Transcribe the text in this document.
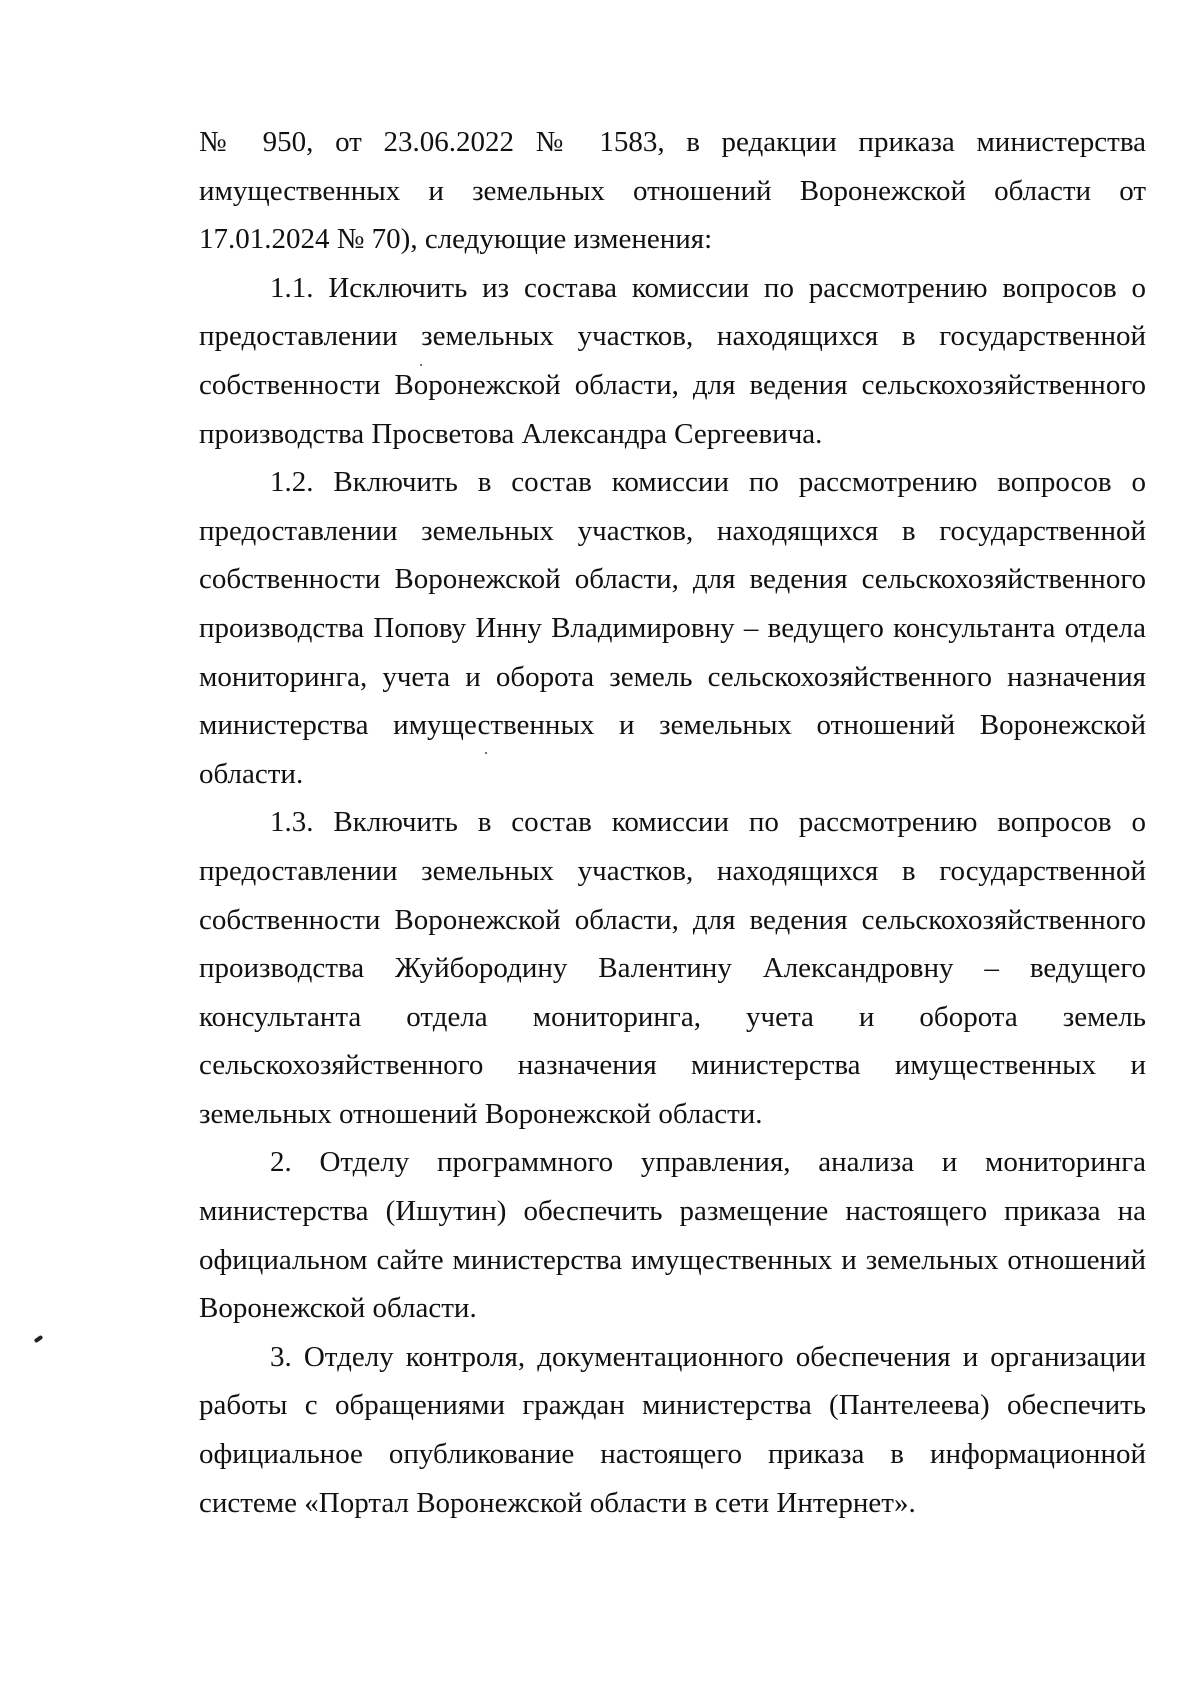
№ 950, от 23.06.2022 № 1583, в редакции приказа министерства имущественных и земельных отношений Воронежской области от 17.01.2024 № 70), следующие изменения:

1.1. Исключить из состава комиссии по рассмотрению вопросов о предоставлении земельных участков, находящихся в государственной собственности Воронежской области, для ведения сельскохозяйственного производства Просветова Александра Сергеевича.

1.2. Включить в состав комиссии по рассмотрению вопросов о предоставлении земельных участков, находящихся в государственной собственности Воронежской области, для ведения сельскохозяйственного производства Попову Инну Владимировну – ведущего консультанта отдела мониторинга, учета и оборота земель сельскохозяйственного назначения министерства имущественных и земельных отношений Воронежской области.

1.3. Включить в состав комиссии по рассмотрению вопросов о предоставлении земельных участков, находящихся в государственной собственности Воронежской области, для ведения сельскохозяйственного производства Жуйбородину Валентину Александровну – ведущего консультанта отдела мониторинга, учета и оборота земель сельскохозяйственного назначения министерства имущественных и земельных отношений Воронежской области.

2. Отделу программного управления, анализа и мониторинга министерства (Ишутин) обеспечить размещение настоящего приказа на официальном сайте министерства имущественных и земельных отношений Воронежской области.

3. Отделу контроля, документационного обеспечения и организации работы с обращениями граждан министерства (Пантелеева) обеспечить официальное опубликование настоящего приказа в информационной системе «Портал Воронежской области в сети Интернет».
